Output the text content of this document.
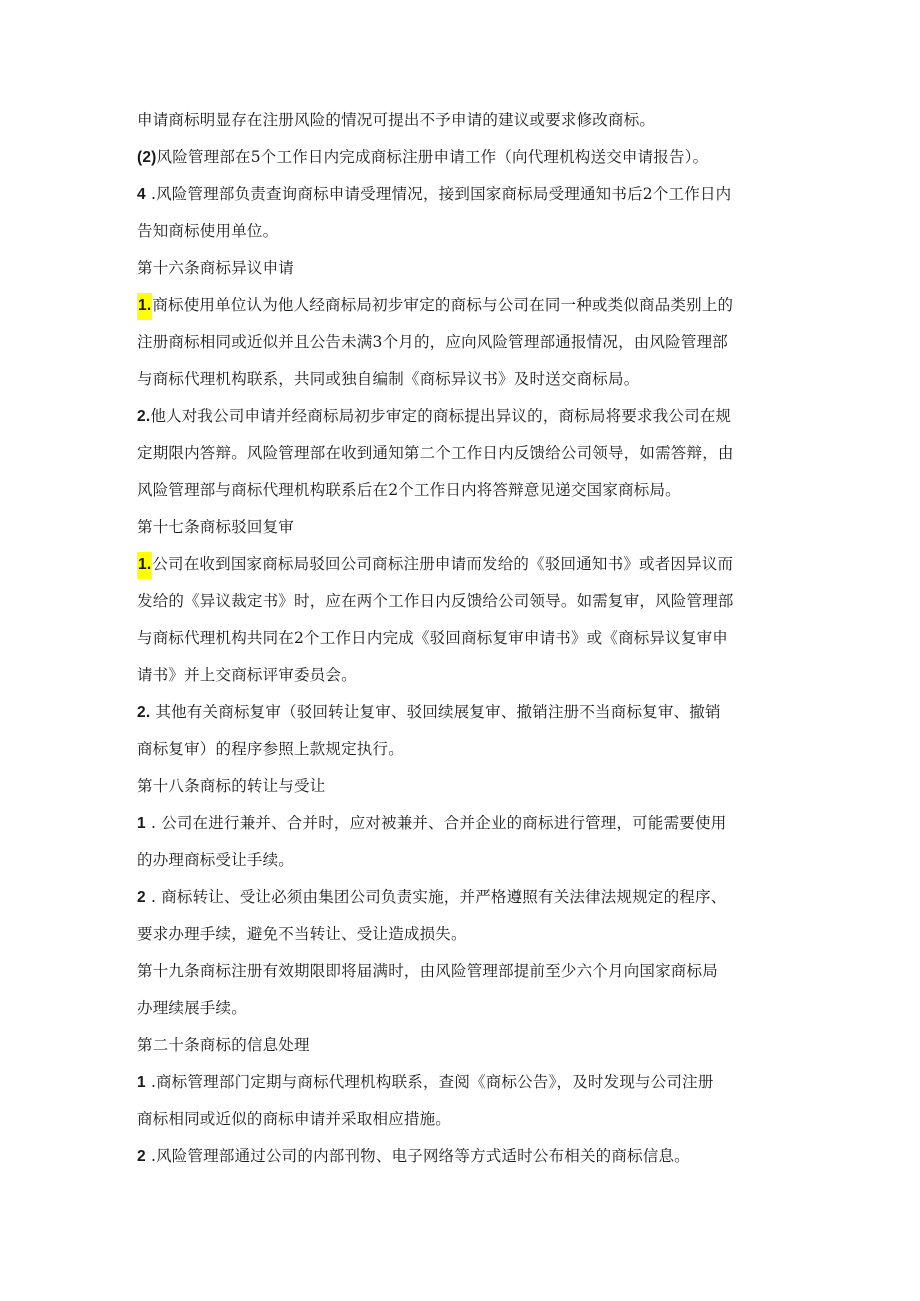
申请商标明显存在注册风险的情况可提出不予申请的建议或要求修改商标。
(2)风险管理部在5个工作日内完成商标注册申请工作（向代理机构送交申请报告）。
4 .风险管理部负责查询商标申请受理情况，接到国家商标局受理通知书后2个工作日内
告知商标使用单位。
第十六条商标异议申请
1.商标使用单位认为他人经商标局初步审定的商标与公司在同一种或类似商品类别上的
注册商标相同或近似并且公告未满3个月的，应向风险管理部通报情况，由风险管理部
与商标代理机构联系，共同或独自编制《商标异议书》及时送交商标局。
2.他人对我公司申请并经商标局初步审定的商标提出异议的，商标局将要求我公司在规
定期限内答辩。风险管理部在收到通知第二个工作日内反馈给公司领导，如需答辩，由
风险管理部与商标代理机构联系后在2个工作日内将答辩意见递交国家商标局。
第十七条商标驳回复审
1.公司在收到国家商标局驳回公司商标注册申请而发给的《驳回通知书》或者因异议而
发给的《异议裁定书》时，应在两个工作日内反馈给公司领导。如需复审，风险管理部
与商标代理机构共同在2个工作日内完成《驳回商标复审申请书》或《商标异议复审申
请书》并上交商标评审委员会。
2. 其他有关商标复审（驳回转让复审、驳回续展复审、撤销注册不当商标复审、撤销
商标复审）的程序参照上款规定执行。
第十八条商标的转让与受让
1 . 公司在进行兼并、合并时，应对被兼并、合并企业的商标进行管理，可能需要使用
的办理商标受让手续。
2 . 商标转让、受让必须由集团公司负责实施，并严格遵照有关法律法规规定的程序、
要求办理手续，避免不当转让、受让造成损失。
第十九条商标注册有效期限即将届满时，由风险管理部提前至少六个月向国家商标局
办理续展手续。
第二十条商标的信息处理
1 .商标管理部门定期与商标代理机构联系，查阅《商标公告》，及时发现与公司注册
商标相同或近似的商标申请并采取相应措施。
2 .风险管理部通过公司的内部刊物、电子网络等方式适时公布相关的商标信息。
